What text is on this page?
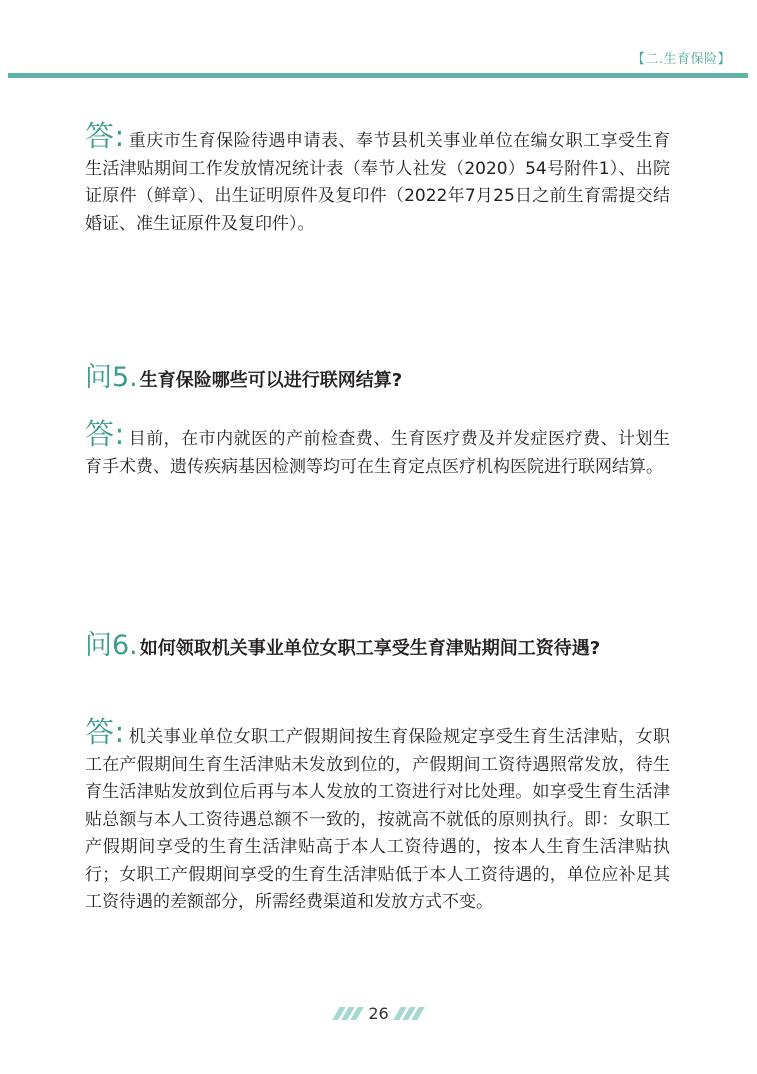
【二.生育保险】
答: 重庆市生育保险待遇申请表、奉节县机关事业单位在编女职工享受生育生活津贴期间工作发放情况统计表（奉节人社发（2020）54号附件1）、出院证原件（鲜章）、出生证明原件及复印件（2022年7月25日之前生育需提交结婚证、准生证原件及复印件）。
问5. 生育保险哪些可以进行联网结算?
答: 目前，在市内就医的产前检查费、生育医疗费及并发症医疗费、计划生育手术费、遗传疾病基因检测等均可在生育定点医疗机构医院进行联网结算。
问6. 如何领取机关事业单位女职工享受生育津贴期间工资待遇?
答: 机关事业单位女职工产假期间按生育保险规定享受生育生活津贴，女职工在产假期间生育生活津贴未发放到位的，产假期间工资待遇照常发放，待生育生活津贴发放到位后再与本人发放的工资进行对比处理。如享受生育生活津贴总额与本人工资待遇总额不一致的，按就高不就低的原则执行。即：女职工产假期间享受的生育生活津贴高于本人工资待遇的，按本人生育生活津贴执行；女职工产假期间享受的生育生活津贴低于本人工资待遇的，单位应补足其工资待遇的差额部分，所需经费渠道和发放方式不变。
26
